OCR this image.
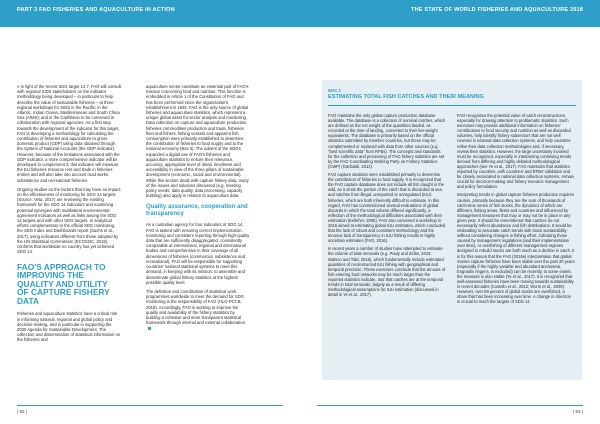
PART 3 FAO FISHERIES AND AQUACULTURE IN ACTION

» In light of the recent SDG target 14.7, FAO will consult with regional SIDS stakeholders on the indicator methodology being developed – in particular to help describe the value of sustainable fisheries – at three regional workshops for SIDS in the Pacific; in the Atlantic, Indian Ocean, Mediterranean and South China Sea (AIMS); and in the Caribbean to be convened in collaboration with regional agencies. As a first step towards the development of the indicator for this target, FAO is developing a methodology for calculating the contribution of fisheries and aquaculture to gross domestic product (GDP) using data obtained through the System of National Accounts (the GDP indicator). However, because of the limitations associated with the GDP indicator, a more comprehensive indicator will be developed to complement it; this indicator will measure the EU fisheries resource rent and trade in fisheries entries and will also take into account road works, subsistence and recreational fisheries.

Ongoing studies on the factors that may have an impact on the effectiveness of monitoring for SDG 14 targets (Source: Veta, 2017) are reviewing the existing framework for the SDG 14 indicators and examining potential synergies with multilateral environmental agreement indicators as well as links among the SDG 14 targets and with other SDG targets. In analytical efforts complementary to the official SDG monitoring, the SDG Index and Dashboards report (Sachs et al., 2017), using indicators different from those adopted by the UN Statistical Commission (ECOSOC, 2019), confirms that worldwide no country has yet achieved SDG 14.

FAO'S APPROACH TO IMPROVING THE QUALITY AND UTILITY OF CAPTURE FISHERY DATA

Fisheries and aquaculture statistics have a critical role in informing national, regional and global policy and decision-making, and in particular in supporting the 2030 Agenda for Sustainable Development. The collection and dissemination of statistical information on the fisheries and

aquaculture sector constitute an essential part of FAO's mission concerning food and nutrition. This function is embedded in Article 1 of the Constitution of FAO and has been performed since the organization's establishment in 1945. FAO is the only source of global fisheries and aquaculture statistics, which represent a unique global asset for sector analysis and monitoring. Data collection on capture and aquaculture production, fisheries commodities production and trade, fisheries fleet and fishers, fishing vessels and apparent fish consumption were primarily established to determine the contribution of fisheries to food supply and to the national economy (Box 3). The advent of the SDGs expanded a digital use of FAO's fisheries and aquaculture statistics to ensure their relevance, accuracy, appropriate level of detail, timeliness and accessibility in view of the three pillars of sustainable development (economic, social and environmental). While this section deals with capture fishery data, many of the issues and solutions discussed (e.g. meeting policy needs, data quality, data processing, capacity building) also apply in relation to aquaculture data.

Quality assurance, cooperation and transparency

As a custodian agency for four indicators of SDG 14, FAO is tasked with ensuring correct implementation, monitoring and consistent reporting through high-quality data that are sufficiently disaggregated, consistently comparable at international, regional and international bodies and comprehensive in their coverage of all dimensions of fisheries (commercial, subsistence and recreational). FAO will be responsible for supporting countries' national statistical systems to meet this demand, in keeping with its mission: to assemble and disseminate global fishery statistics at the highest possible quality level.

The definition and coordination of statistical work programmes worldwide to meet the demand for SDG monitoring is the responsibility of FAO (HLG-PCCB, 2018). Accordingly, FAO is working to improve the quality and availability of the fishery statistics by building a cohesive and more transparent statistical framework through internal and external collaboration.

| 92 |
THE STATE OF WORLD FISHERIES AND AQUACULTURE 2018
BOX 3
ESTIMATING TOTAL FISH CATCHES AND THEIR MEANING

FAO maintains the only global capture production database available. The database is a collection of nominal catches, which are defined as the net weight of the quantities landed, as recorded at the time of landing, converted to their live-weight equivalents. The database is primarily based on the official statistics submitted by member countries, but these may be complemented or replaced with data from other sources (e.g. "best scientific data" from RFBs). The concepts and standards for the collection and processing of FAO fishery statistics are set by the FAO Coordinating Working Party on Fishery Statistics (CWP) (Garibaldi, 2012).

FAO capture statistics were established primarily to determine the contribution of fisheries to food supply. It is recognized that the FAO capture database does not include all fish caught in the wild, as it omits the portion of the catch that is discarded at sea and catches from illegal, unreported or unregulated (IUU) fisheries, which are both inherently difficult to estimate. In this regard, FAO has commissioned several evaluations of global discards in which the total volume differed significantly, a reflection of the methodological difficulties associated with their estimation (Kelleher, 2005). FAO also convened a workshop in 2015 aimed at estimating global IUU estimates, which concluded that the lack of robust and consistent methodology and the tenuous lack of transparency in IUU fishing results in highly uncertain estimates (FAO, 2016).

In recent years a number of studies have attempted to estimate the volume of total removals (e.g. Pauly and Zeller, 2016; Watson and Tidd, 2018), which fundamentally include estimated quantities of reconstructed IUU fishing with geographical and temporal precision. These exercises conclude that the amount of fish entering food networks may be much larger than the reported statistics indicate, and that catches are at the temporal trends in total removals, largely as a result of differing methodological assumptions for IUU estimation (discussed in detail in Ye et al., 2017).

FAO recognizes the potential value of catch reconstructions, especially for drawing attention to problematic statistics. Such exercises may provide additional information on fisheries' contributions to food security and nutrition as well as discarded volumes, help identify fishery subsectors that are not well covered in national data collection systems, and help countries refine their data collection methodologies and, if necessary, review their statistics. However, the large uncertainty involved must be recognized, especially in interpreting continuing trends derived from differing and highly debated methodological approaches (see Ye et al., 2017). FAO maintains that statistics reported by countries, with countries' and RFBs' validation and be closely associated in national data collection systems, remain crucial for decision-making and fishery resource management and policy formulation.

Interpreting trends in global capture fisheries production requires caution, primarily because they are the sum of thousands of catch-time series of fish stocks, the dynamics of which are different, fishing areas, fleets and countries and influenced by management measures that may or may not be in place in any given year. It should be remembered that catches do not necessarily reflect abundance and fish distributions. It would be misleading to associate catch trends with stock sustainability without considering changes in fishing effort, indicating those caused by management regulations (and their implementation over time), or overfishing of different management regimes designed to rebuild stocks are both much as a decline in catch. It is for this reason that the FAO (2016e) interpretation that global marine capture fisheries have been stable over the past 20 years (especially if the highly variable and abundant anchoveta, Engraulis ringens, is excluded) can be recently, to some extent, the measure is also stable (Ye et al., 2017). It is recognized that well-assessed fisheries have been moving towards sustainability in recent decades (Costello et al., 2012; Worm et al., 2009). However, over 80 percent of global stocks are overfished, a share that has been increasing over time. A change in direction is crucial to reach the targets of SDG 14.

| 93 |
